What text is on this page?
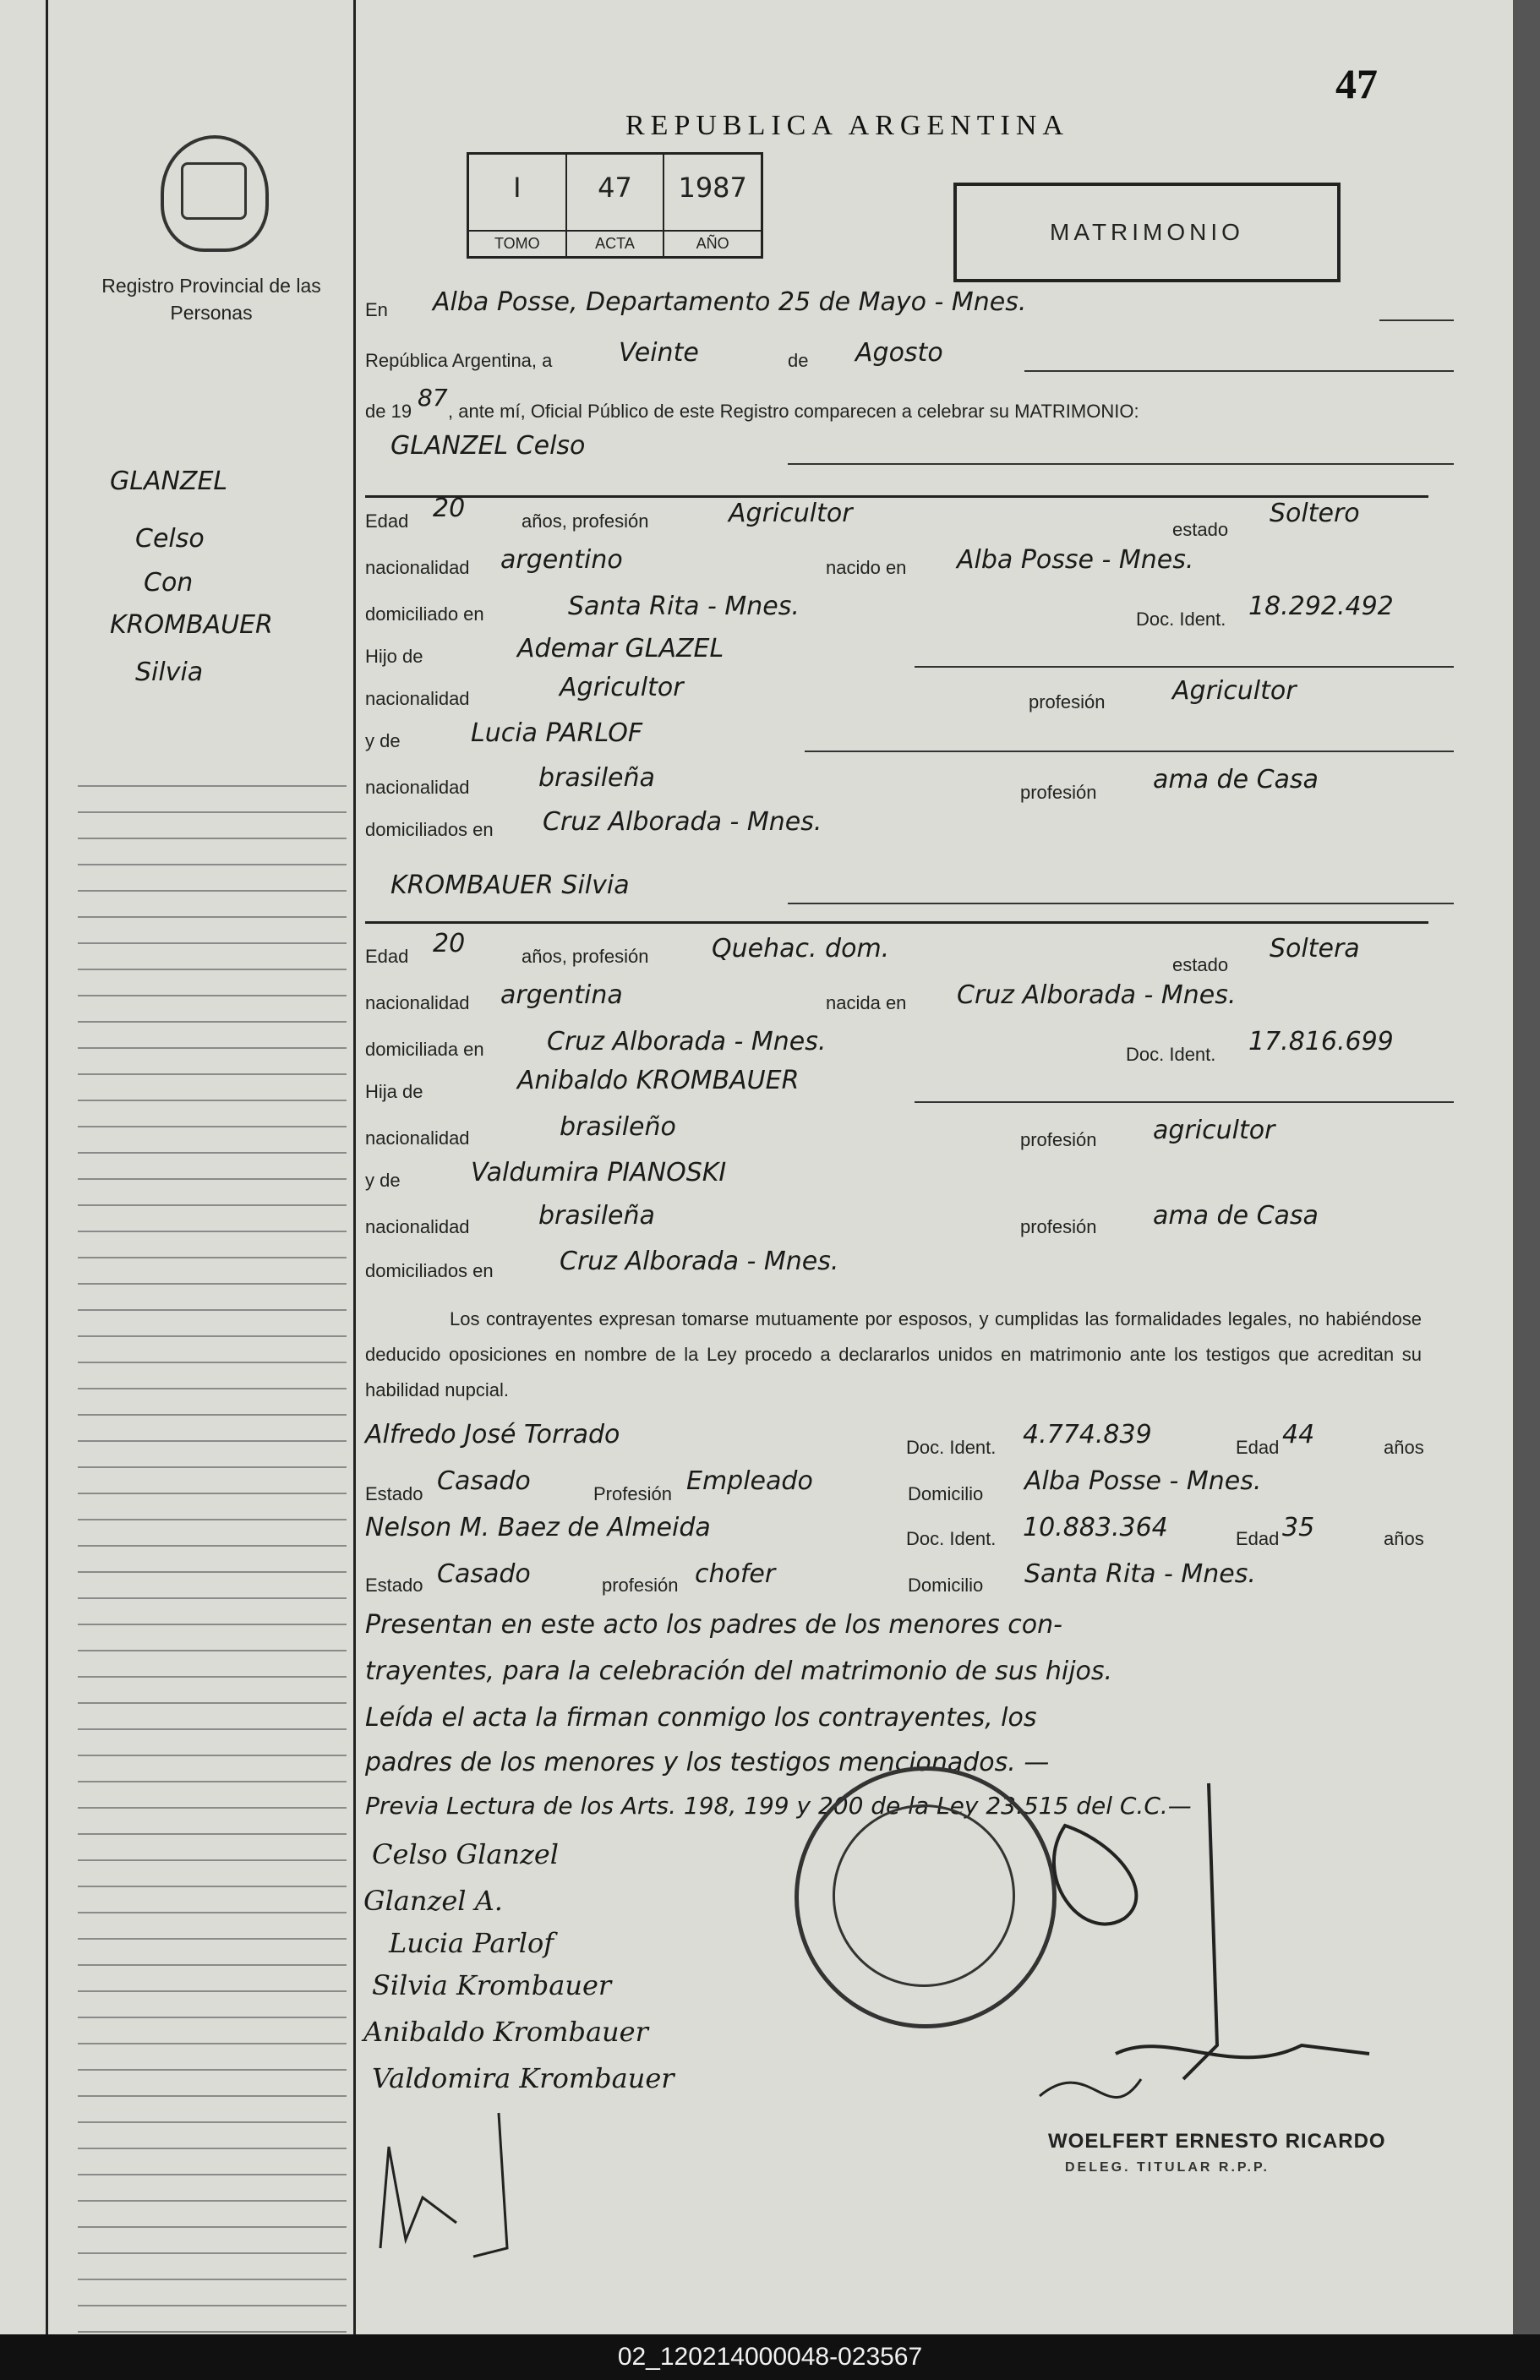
Registro Provincial de las Personas
47
REPUBLICA ARGENTINA
I
TOMO
47
ACTA
1987
AÑO	MATRIMONIO
En Alba Posse, Departamento 25 de Mayo - Mnes.
República Argentina, a	Veinte	de Agosto
de 19 87 , ante mí, Oficial Público de este Registro comparecen a celebrar su MATRIMONIO:
GLANZEL Celso
Edad 20	años, profesión	Agricultor
estado
Soltero
nacionalidad argentino	nacido en Alba Posse - Mnes.
domiciliado en	Santa Rita - Mnes.	Doc. Ident. 18.292.492
Hijo de	Ademar GLAZEL
nacionalidad	Agricultor	profesión	Agricultor
y de	Lucia PARLOF
nacionalidad	brasileña	profesión ama de Casa
domiciliados en Cruz Alborada - Mnes.
KROMBAUER Silvia
Edad 20	años, profesión Quehac. dom.
estado
Soltera
nacionalidad argentina	nacida en Cruz Alborada - Mnes.
domiciliada en Cruz Alborada - Mnes.	Doc. Ident. 17.816.699
Hija de	Anibaldo KROMBAUER
nacionalidad	brasileño	profesión agricultor
y de	Valdumira PIANOSKI
nacionalidad	brasileña	profesión ama de Casa
domiciliados en	Cruz Alborada - Mnes.
Los contrayentes expresan tomarse mutuamente por esposos, y cumplidas las formalidades legales, no habiéndose deducido oposiciones en nombre de la Ley procedo a declararlos unidos en matrimonio ante los testigos que acreditan su habilidad nupcial.
Alfredo José Torrado	Doc. Ident. 4.774.839	Edad 44	años
Estado Casado	Profesión Empleado	Domicilio Alba Posse - Mnes.
Nelson M. Baez de Almeida	Doc. Ident. 10.883.364	Edad 35	años
Estado Casado	profesión chofer	Domicilio Santa Rita - Mnes.
Presentan en este acto los padres de los menores con-
trayentes, para la celebración del matrimonio de sus hijos.
Leída el acta la firman conmigo los contrayentes, los
padres de los menores y los testigos mencionados. —
Previa Lectura de los Arts. 198, 199 y 200 de la Ley 23.515 del C.C.—
GLANZEL
Celso
Con
KROMBAUER
Silvia
Celso Glanzel
Glanzel A.
Lucia Parlof
Silvia Krombauer
Anibaldo Krombauer
Valdomira Krombauer
WOELFERT ERNESTO RICARDO
DELEG. TITULAR R.P.P.
02_120214000048-023567
